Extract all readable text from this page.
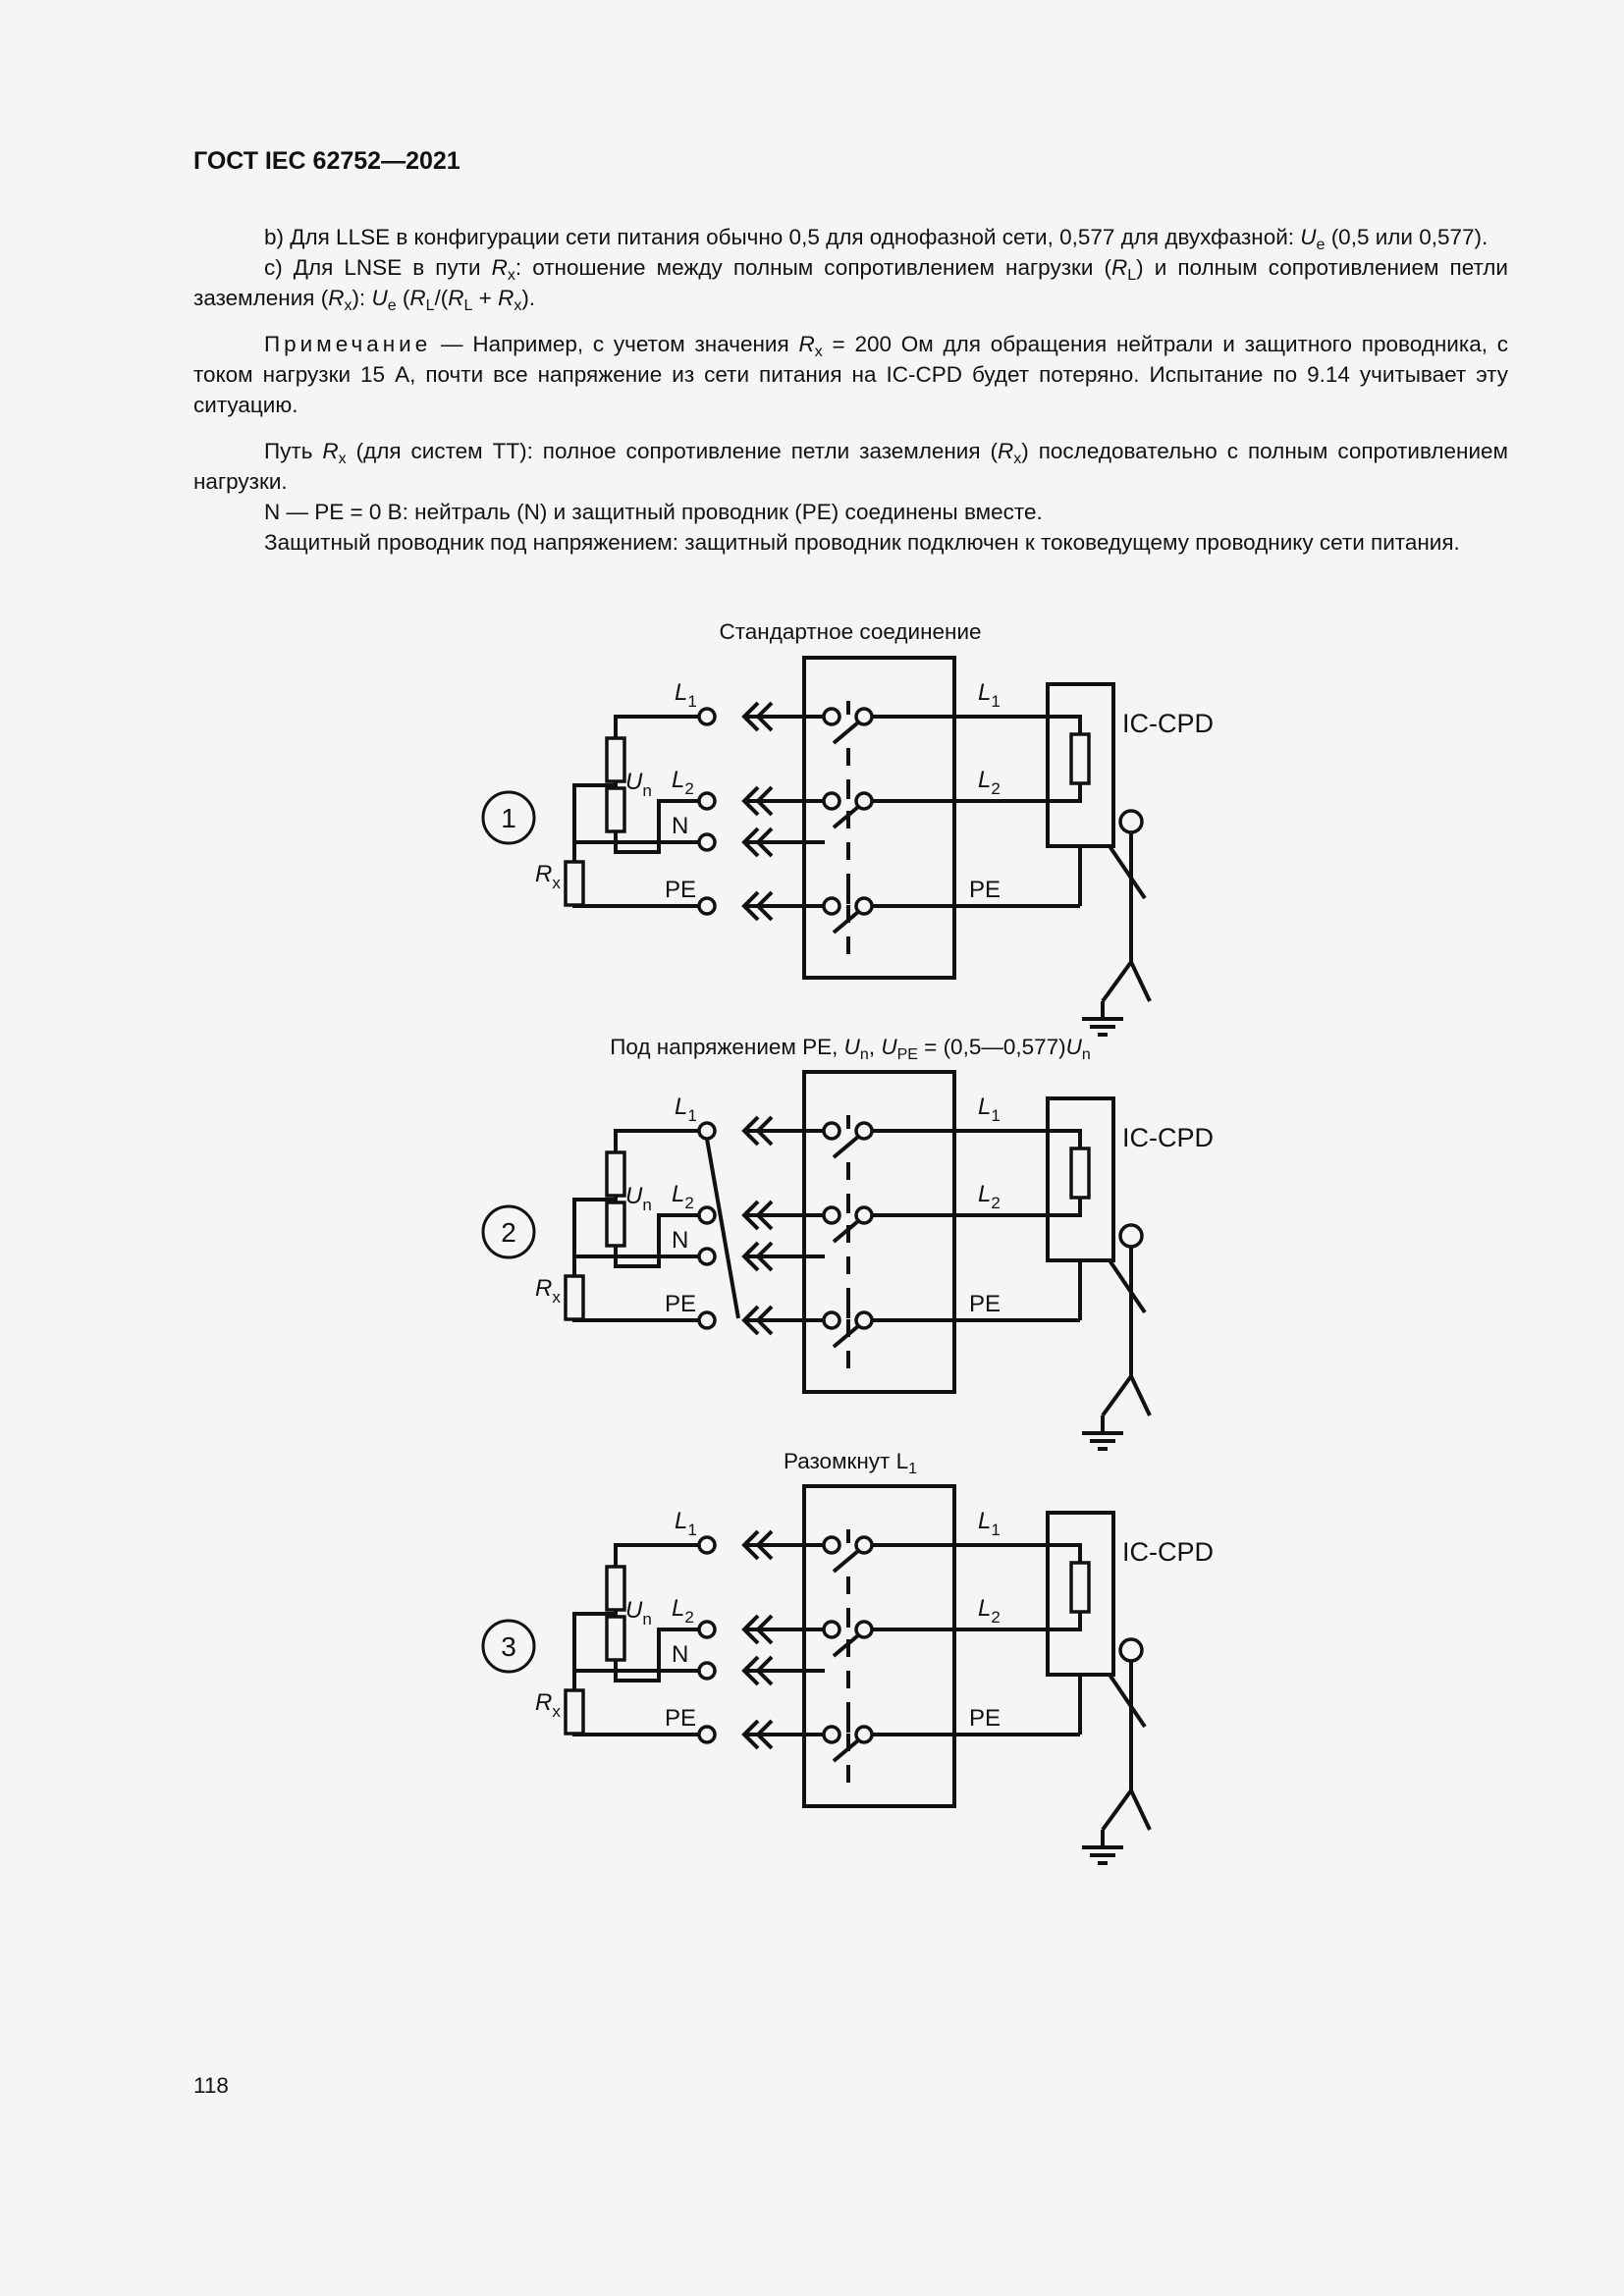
ГОСТ IEC 62752—2021

b) Для LLSE в конфигурации сети питания обычно 0,5 для однофазной сети, 0,577 для двухфазной: $U_e$ (0,5 или 0,577).

c) Для LNSE в пути $R_x$: отношение между полным сопротивлением нагрузки $(R_L)$ и полным сопротивлением петли заземления $(R_x)$: $U_e$ ($R_L/(R_L + R_x)$.

Примечание — Например, с учетом значения $R_x = 200$ Ом для обращения нейтрали и защитного проводника, с током нагрузки 15 А, почти все напряжение из сети питания на IC-CPD будет потеряно. Испытание по 9.14 учитывает эту ситуацию.

Путь $R_x$ (для систем TT): полное сопротивление петли заземления $(R_x)$ последовательно с полным сопротивлением нагрузки.

N — PE = 0 В: нейтраль (N) и защитный проводник (PE) соединены вместе.

Защитный проводник под напряжением: защитный проводник подключен к токоведущему проводнику сети питания.

1
IC-CPD
$L_1$
$L_2$
$U_n$
N
PE
$R_x$
$L_1$
$L_2$
PE
2
IC-CPD
$L_1$
$L_2$
$U_n$
N
PE
$R_x$
$L_1$
$L_2$
PE
3
IC-CPD
$L_1$
$L_2$
$U_n$
N
PE
$R_x$
$L_1$
$L_2$
PE
118
Стандартное соединение
Под напряжением PE, $U_n$, $U_{PE}$ = $(0,5—0,577)U_n$
Разомкнут $L_1$
